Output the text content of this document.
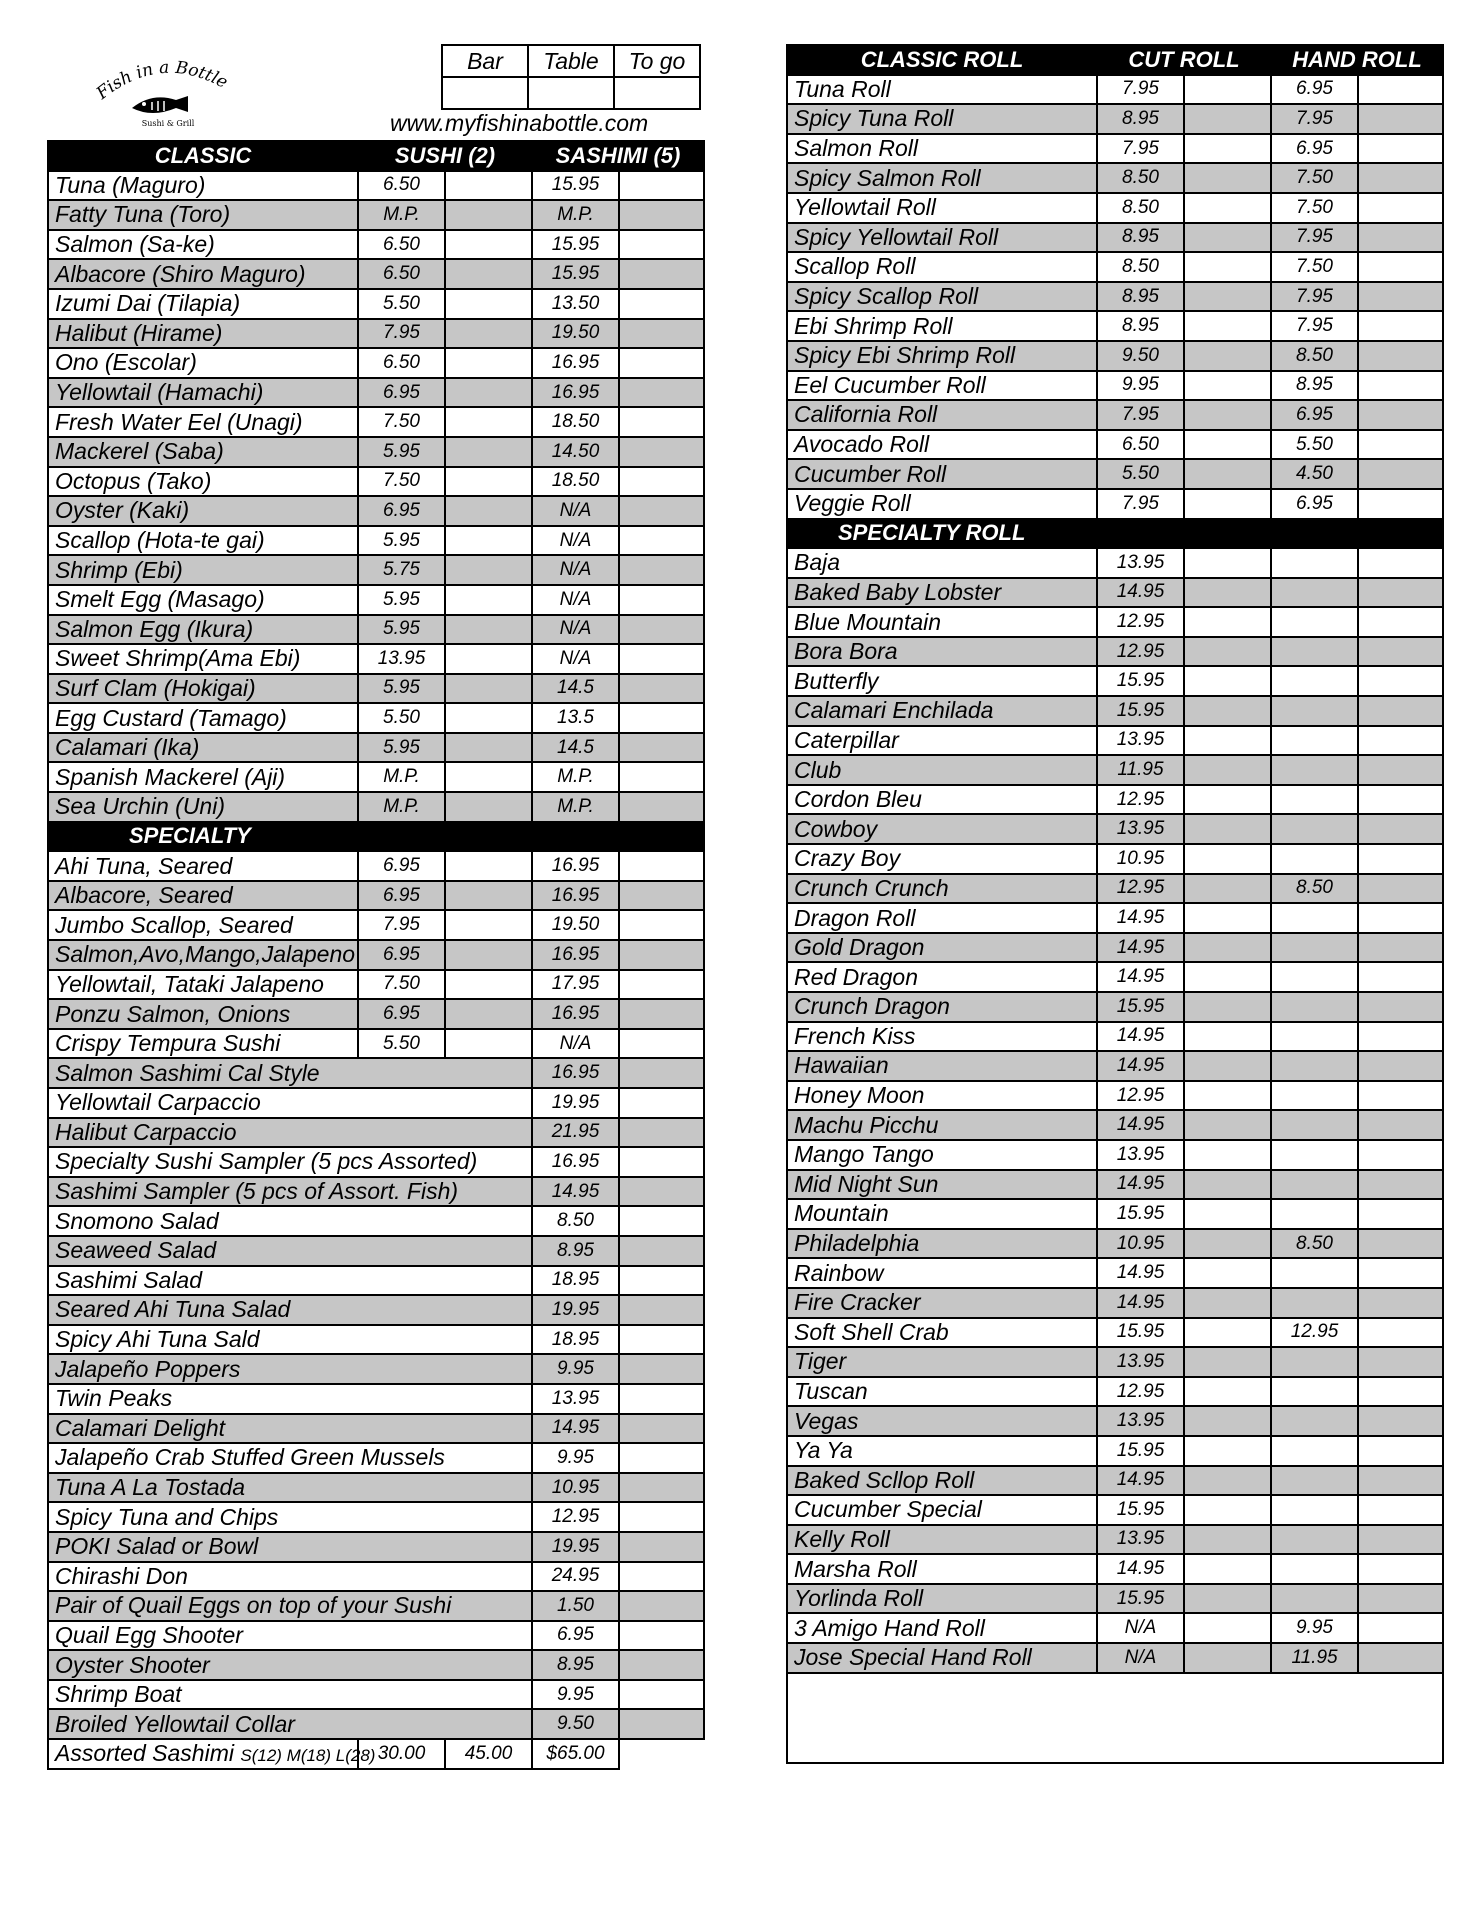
Fish in a Bottle
Sushi & Grill
Bar	Table	To go

www.myfishinabottle.com
CLASSIC	SUSHI (2)		SASHIMI (5)	
Tuna (Maguro)	6.50		15.95	
Fatty Tuna (Toro)	M.P.		M.P.	
Salmon (Sa-ke)	6.50		15.95	
Albacore (Shiro Maguro)	6.50		15.95	
Izumi Dai (Tilapia)	5.50		13.50	
Halibut (Hirame)	7.95		19.50	
Ono (Escolar)	6.50		16.95	
Yellowtail (Hamachi)	6.95		16.95	
Fresh Water Eel (Unagi)	7.50		18.50	
Mackerel (Saba)	5.95		14.50	
Octopus (Tako)	7.50		18.50	
Oyster (Kaki)	6.95		N/A	
Scallop (Hota-te gai)	5.95		N/A	
Shrimp (Ebi)	5.75		N/A	
Smelt Egg (Masago)	5.95		N/A	
Salmon Egg (Ikura)	5.95		N/A	
Sweet Shrimp(Ama Ebi)	13.95		N/A	
Surf Clam (Hokigai)	5.95		14.5	
Egg Custard (Tamago)	5.50		13.5	
Calamari (Ika)	5.95		14.5	
Spanish Mackerel (Aji)	M.P.		M.P.	
Sea Urchin (Uni)	M.P.		M.P.	
SPECIALTY				
Ahi Tuna, Seared	6.95		16.95	
Albacore, Seared	6.95		16.95	
Jumbo Scallop, Seared	7.95		19.50	
Salmon,Avo,Mango,Jalapeno	6.95		16.95	
Yellowtail, Tataki Jalapeno	7.50		17.95	
Ponzu Salmon, Onions	6.95		16.95	
Crispy Tempura Sushi	5.50		N/A	
Salmon Sashimi Cal Style			16.95	
Yellowtail Carpaccio			19.95	
Halibut Carpaccio			21.95	
Specialty Sushi Sampler (5 pcs Assorted)			16.95	
Sashimi Sampler (5 pcs of Assort. Fish)			14.95	
Snomono Salad			8.50	
Seaweed Salad			8.95	
Sashimi Salad			18.95	
Seared Ahi Tuna Salad			19.95	
Spicy Ahi Tuna Sald			18.95	
Jalapeño Poppers			9.95	
Twin Peaks			13.95	
Calamari Delight			14.95	
Jalapeño Crab Stuffed Green Mussels			9.95	
Tuna A La Tostada			10.95	
Spicy Tuna and Chips			12.95	
POKI Salad or Bowl			19.95	
Chirashi Don			24.95	
Pair of Quail Eggs on top of your Sushi			1.50	
Quail Egg Shooter			6.95	
Oyster Shooter			8.95	
Shrimp Boat			9.95	
Broiled Yellowtail Collar			9.50	
Assorted Sashimi S(12) M(18) L(28)	30.00	45.00	$65.00	
CLASSIC ROLL	CUT ROLL		HAND ROLL	
Tuna Roll	7.95		6.95	
Spicy Tuna Roll	8.95		7.95	
Salmon Roll	7.95		6.95	
Spicy Salmon Roll	8.50		7.50	
Yellowtail Roll	8.50		7.50	
Spicy Yellowtail Roll	8.95		7.95	
Scallop Roll	8.50		7.50	
Spicy Scallop Roll	8.95		7.95	
Ebi Shrimp Roll	8.95		7.95	
Spicy Ebi Shrimp Roll	9.50		8.50	
Eel Cucumber Roll	9.95		8.95	
California Roll	7.95		6.95	
Avocado Roll	6.50		5.50	
Cucumber Roll	5.50		4.50	
Veggie Roll	7.95		6.95	
SPECIALTY ROLL				
Baja	13.95			
Baked Baby Lobster	14.95			
Blue Mountain	12.95			
Bora Bora	12.95			
Butterfly	15.95			
Calamari Enchilada	15.95			
Caterpillar	13.95			
Club	11.95			
Cordon Bleu	12.95			
Cowboy	13.95			
Crazy Boy	10.95			
Crunch Crunch	12.95		8.50	
Dragon Roll	14.95			
Gold Dragon	14.95			
Red Dragon	14.95			
Crunch Dragon	15.95			
French Kiss	14.95			
Hawaiian	14.95			
Honey Moon	12.95			
Machu Picchu	14.95			
Mango Tango	13.95			
Mid Night Sun	14.95			
Mountain	15.95			
Philadelphia	10.95		8.50	
Rainbow	14.95			
Fire Cracker	14.95			
Soft Shell Crab	15.95		12.95	
Tiger	13.95			
Tuscan	12.95			
Vegas	13.95			
Ya Ya	15.95			
Baked Scllop Roll	14.95			
Cucumber Special	15.95			
Kelly Roll	13.95			
Marsha Roll	14.95			
Yorlinda Roll	15.95			
3 Amigo Hand Roll	N/A		9.95	
Jose Special Hand Roll	N/A		11.95	
